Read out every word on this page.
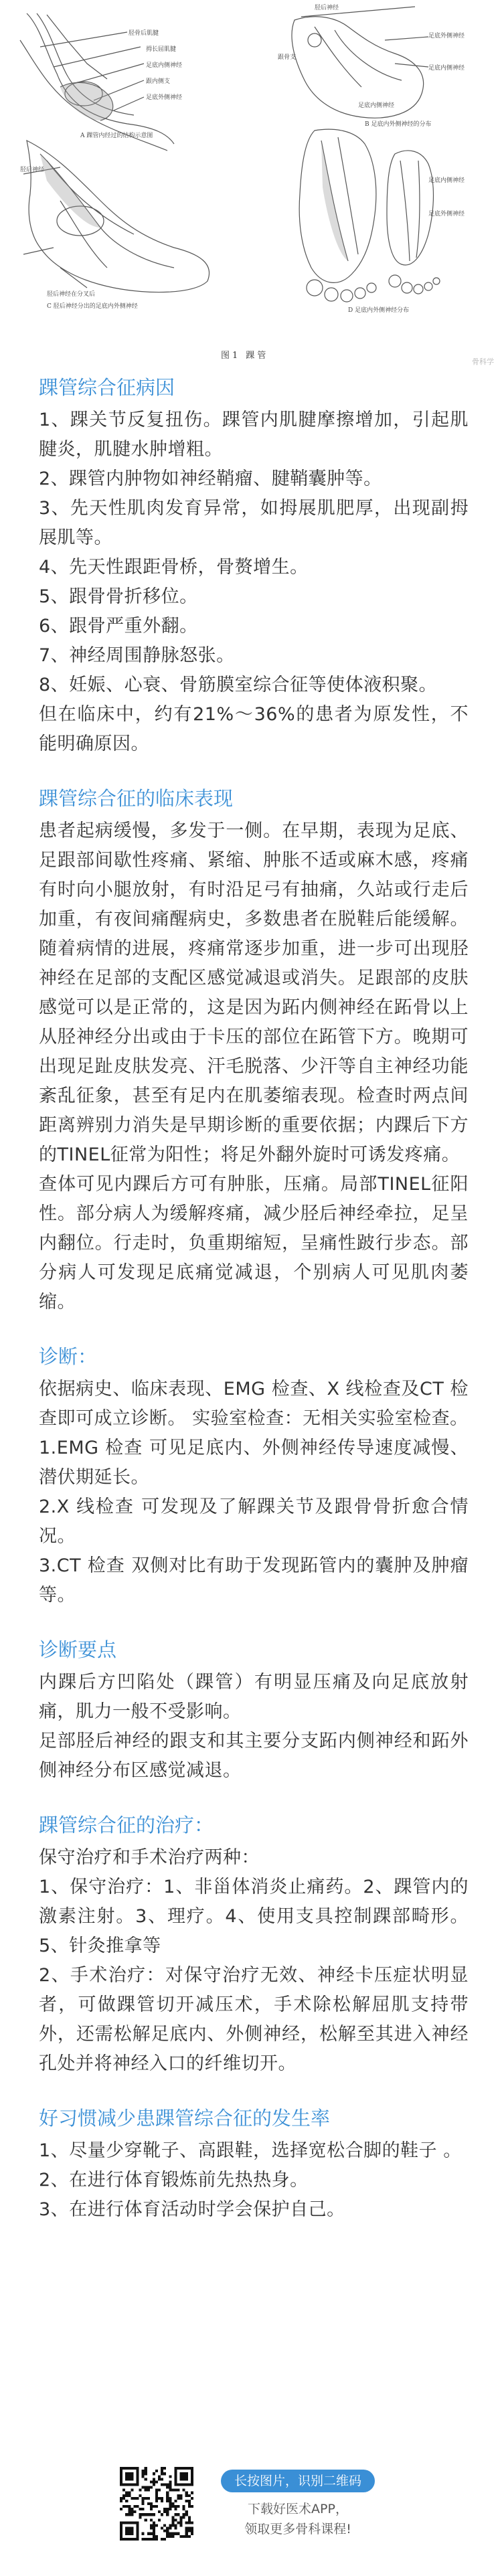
胫骨后肌腱
拇长屈肌腱
足底内侧神经
跟内侧支
足底外侧神经
A 踝管内经过的结构示意图
胫后神经
足底外侧神经
跟骨支
足底内侧神经
足底内侧神经
B 足底内外侧神经的分布
胫后神经
胫后神经在分叉后
C 胫后神经分出的足底内外侧神经
足底内侧神经
足底外侧神经
D 足底内外侧神经分布
图1 踝管
骨科学
踝管综合征病因
1、踝关节反复扭伤。踝管内肌腱摩擦增加，引起肌腱炎，肌腱水肿增粗。
2、踝管内肿物如神经鞘瘤、腱鞘囊肿等。
3、先天性肌肉发育异常，如拇展肌肥厚，出现副拇展肌等。
4、先天性跟距骨桥，骨赘增生。
5、跟骨骨折移位。
6、跟骨严重外翻。
7、神经周围静脉怒张。
8、妊娠、心衰、骨筋膜室综合征等使体液积聚。
但在临床中，约有21%～36%的患者为原发性，不能明确原因。
踝管综合征的临床表现
患者起病缓慢，多发于一侧。在早期，表现为足底、足跟部间歇性疼痛、紧缩、肿胀不适或麻木感，疼痛有时向小腿放射，有时沿足弓有抽痛，久站或行走后加重，有夜间痛醒病史，多数患者在脱鞋后能缓解。随着病情的进展，疼痛常逐步加重，进一步可出现胫神经在足部的支配区感觉减退或消失。足跟部的皮肤感觉可以是正常的，这是因为跖内侧神经在跖骨以上从胫神经分出或由于卡压的部位在跖管下方。晚期可出现足趾皮肤发亮、汗毛脱落、少汗等自主神经功能紊乱征象，甚至有足内在肌萎缩表现。检查时两点间距离辨别力消失是早期诊断的重要依据；内踝后下方的TINEL征常为阳性；将足外翻外旋时可诱发疼痛。
查体可见内踝后方可有肿胀，压痛。局部TINEL征阳性。部分病人为缓解疼痛，减少胫后神经牵拉，足呈内翻位。行走时，负重期缩短，呈痛性跛行步态。部分病人可发现足底痛觉减退，个别病人可见肌肉萎缩。
诊断：
依据病史、临床表现、EMG 检查、X 线检查及CT 检查即可成立诊断。 实验室检查：无相关实验室检查。
1.EMG 检查 可见足底内、外侧神经传导速度减慢、潜伏期延长。
2.X 线检查 可发现及了解踝关节及跟骨骨折愈合情况。
3.CT 检查 双侧对比有助于发现跖管内的囊肿及肿瘤等。
诊断要点
内踝后方凹陷处（踝管）有明显压痛及向足底放射痛，肌力一般不受影响。
足部胫后神经的跟支和其主要分支跖内侧神经和跖外侧神经分布区感觉减退。
踝管综合征的治疗：
保守治疗和手术治疗两种：
1、保守治疗：1、非甾体消炎止痛药。2、踝管内的激素注射。3、理疗。4、使用支具控制踝部畸形。5、针灸推拿等
2、手术治疗：对保守治疗无效、神经卡压症状明显者，可做踝管切开减压术，手术除松解屈肌支持带外，还需松解足底内、外侧神经，松解至其进入神经孔处并将神经入口的纤维切开。
好习惯减少患踝管综合征的发生率
1、尽量少穿靴子、高跟鞋，选择宽松合脚的鞋子 。
2、在进行体育锻炼前先热热身。
3、在进行体育活动时学会保护自己。
长按图片，识别二维码
下载好医术APP，
领取更多骨科课程!
